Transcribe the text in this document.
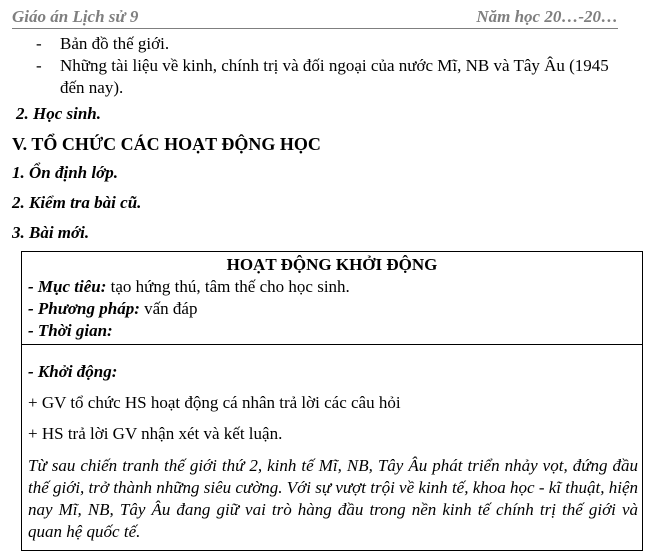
Giáo án Lịch sử 9	Năm học 20…-20…
-	Bản đồ thế giới.
-	Những tài liệu về kinh, chính trị và đối ngoại của nước Mĩ, NB và Tây Âu (1945 đến nay).
2. Học sinh.
V. TỔ CHỨC CÁC HOẠT ĐỘNG HỌC
1. Ổn định lớp.
2. Kiểm tra bài cũ.
3. Bài mới.
HOẠT ĐỘNG KHỞI ĐỘNG
- Mục tiêu: tạo hứng thú, tâm thế cho học sinh.
- Phương pháp: vấn đáp
- Thời gian:
- Khởi động:
+ GV tổ chức HS hoạt động cá nhân trả lời các câu hỏi
+ HS trả lời GV nhận xét và kết luận.
Từ sau chiến tranh thế giới thứ 2, kinh tế Mĩ, NB, Tây Âu phát triển nhảy vọt, đứng đầu thế giới, trở thành những siêu cường. Với sự vượt trội về kinh tế, khoa học - kĩ thuật, hiện nay Mĩ, NB, Tây Âu đang giữ vai trò hàng đầu trong nền kinh tế chính trị thế giới và quan hệ quốc tế.
